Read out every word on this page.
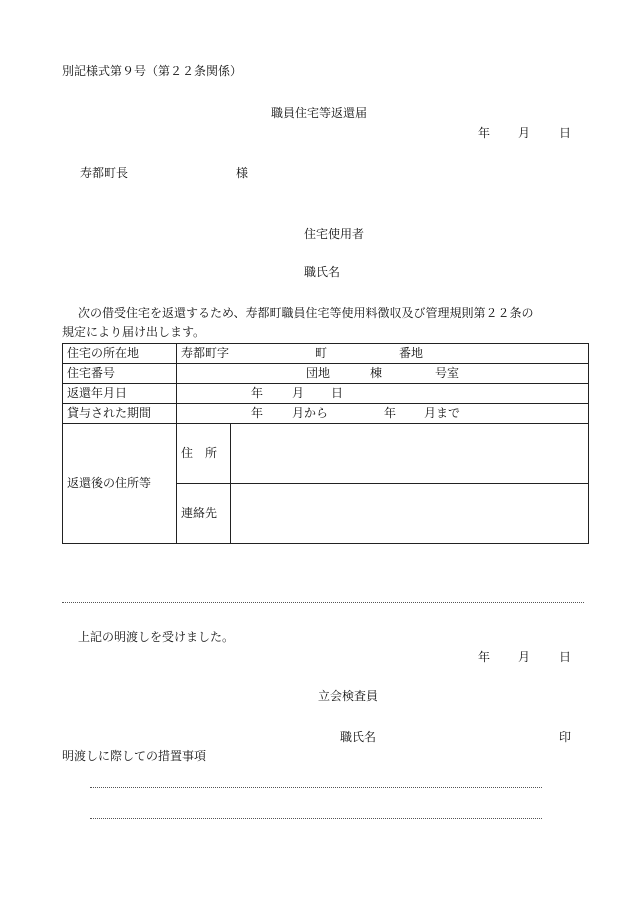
別記様式第９号（第２２条関係）
職員住宅等返還届
年 月 日
寿都町長	様
住宅使用者
職氏名
次の借受住宅を返還するため、寿都町職員住宅等使用料徴収及び管理規則第２２条の
規定により届け出します。
住宅の所在地	寿都町字 町 番地	

住宅番号	団地 棟 号室	

返還年月日	年 月 日	

貸与された期間	年 月から 年 月まで	

返還後の住所等	住　所	
	連絡先	
上記の明渡しを受けました。
年 月 日
立会検査員
職氏名	印
明渡しに際しての措置事項
